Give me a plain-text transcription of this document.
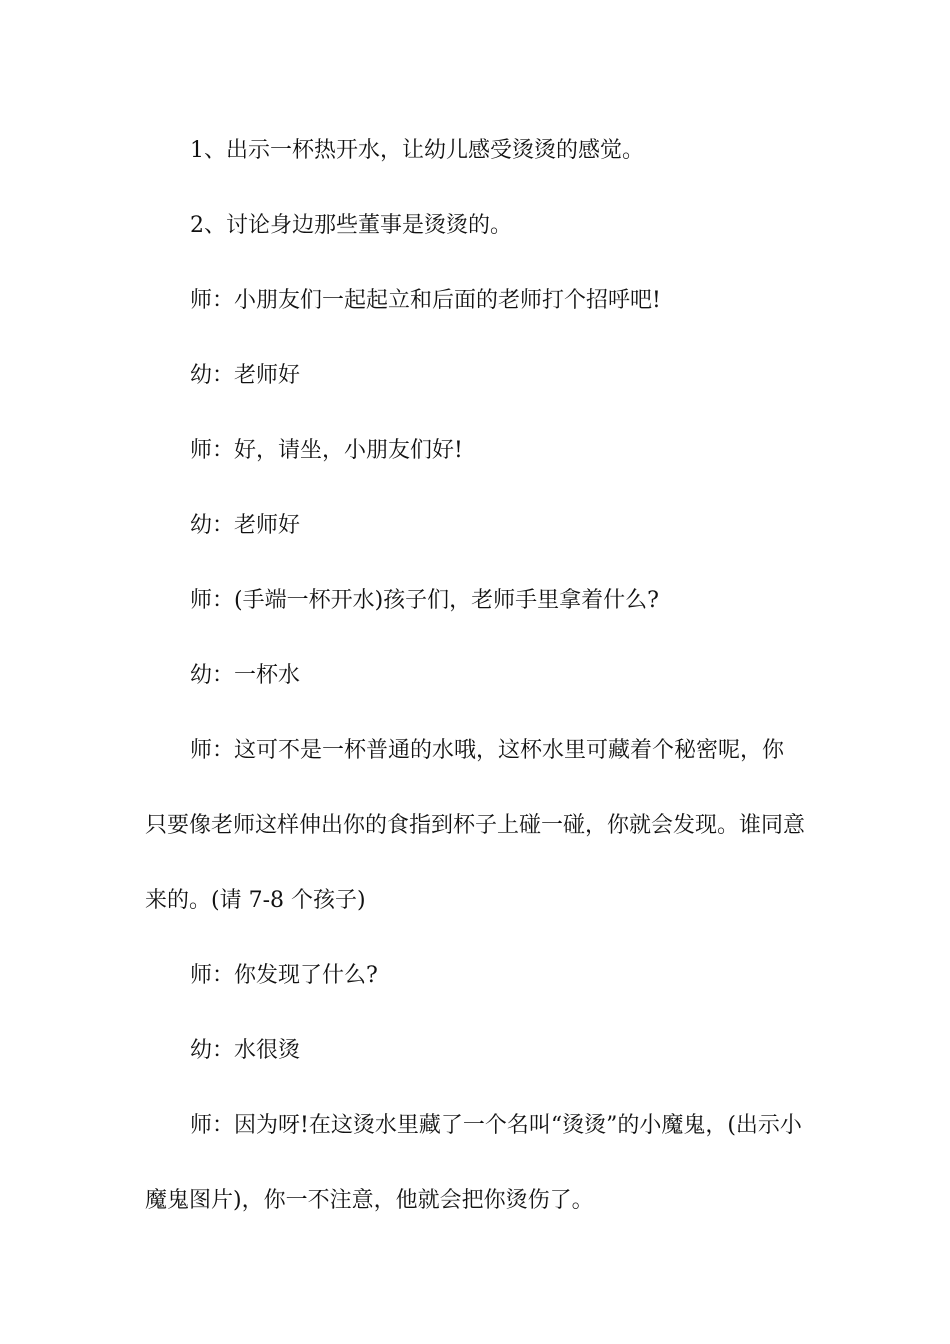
1、出示一杯热开水，让幼儿感受烫烫的感觉。

2、讨论身边那些董事是烫烫的。

师：小朋友们一起起立和后面的老师打个招呼吧!

幼：老师好

师：好，请坐，小朋友们好!

幼：老师好

师：(手端一杯开水)孩子们，老师手里拿着什么?

幼：一杯水

师：这可不是一杯普通的水哦，这杯水里可藏着个秘密呢，你只要像老师这样伸出你的食指到杯子上碰一碰，你就会发现。谁同意来的。(请 7-8 个孩子)

师：你发现了什么?

幼：水很烫

师：因为呀!在这烫水里藏了一个名叫“烫烫”的小魔鬼，(出示小魔鬼图片)，你一不注意，他就会把你烫伤了。
